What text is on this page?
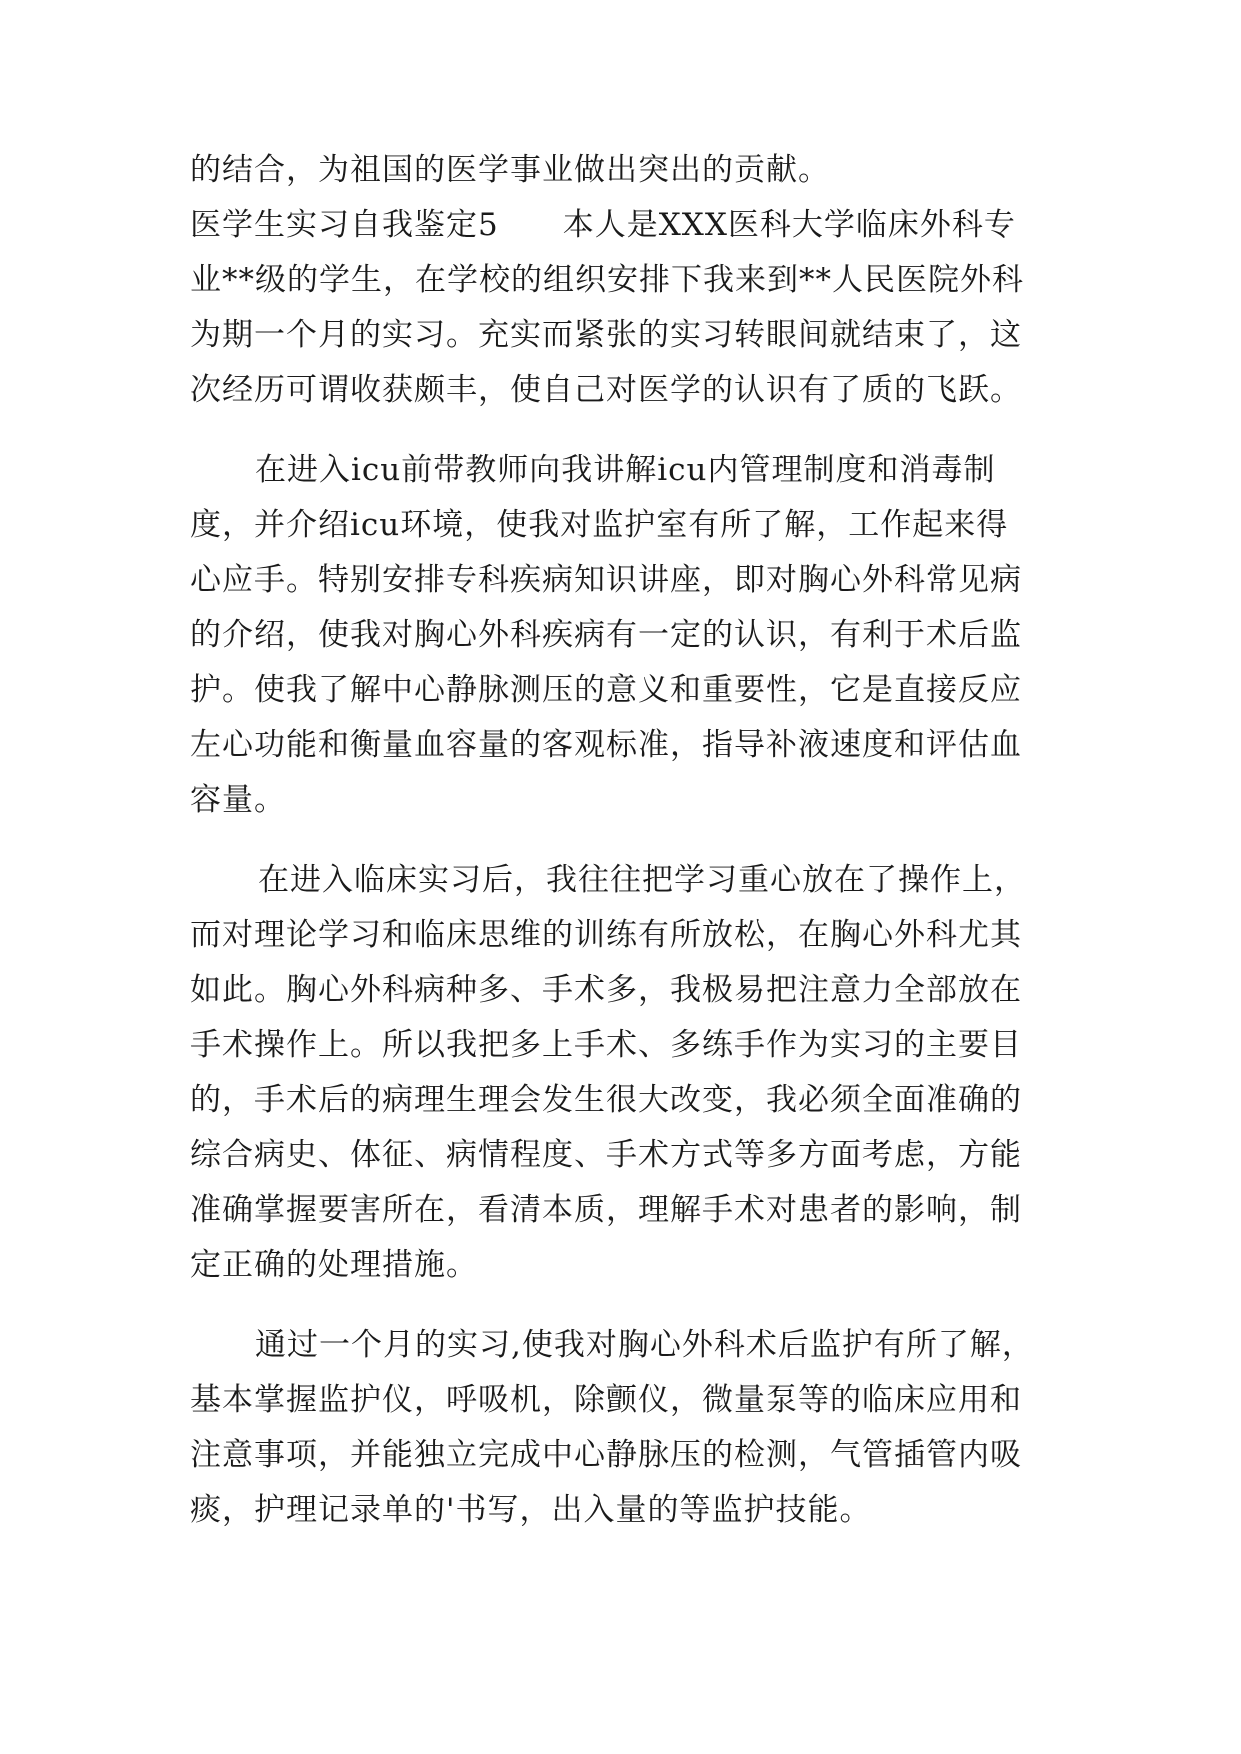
的结合，为祖国的医学事业做出突出的贡献。
医学生实习自我鉴定5　　本人是XXX医科大学临床外科专
业**级的学生，在学校的组织安排下我来到**人民医院外科
为期一个月的实习。充实而紧张的实习转眼间就结束了，这
次经历可谓收获颇丰，使自己对医学的认识有了质的飞跃。
在进入icu前带教师向我讲解icu内管理制度和消毒制
度，并介绍icu环境，使我对监护室有所了解，工作起来得
心应手。特别安排专科疾病知识讲座，即对胸心外科常见病
的介绍，使我对胸心外科疾病有一定的认识，有利于术后监
护。使我了解中心静脉测压的意义和重要性，它是直接反应
左心功能和衡量血容量的客观标准，指导补液速度和评估血
容量。
在进入临床实习后，我往往把学习重心放在了操作上，
而对理论学习和临床思维的训练有所放松，在胸心外科尤其
如此。胸心外科病种多、手术多，我极易把注意力全部放在
手术操作上。所以我把多上手术、多练手作为实习的主要目
的，手术后的病理生理会发生很大改变，我必须全面准确的
综合病史、体征、病情程度、手术方式等多方面考虑，方能
准确掌握要害所在，看清本质，理解手术对患者的影响，制
定正确的处理措施。
通过一个月的实习,使我对胸心外科术后监护有所了解，
基本掌握监护仪，呼吸机，除颤仪，微量泵等的临床应用和
注意事项，并能独立完成中心静脉压的检测，气管插管内吸
痰，护理记录单的'书写，出入量的等监护技能。
